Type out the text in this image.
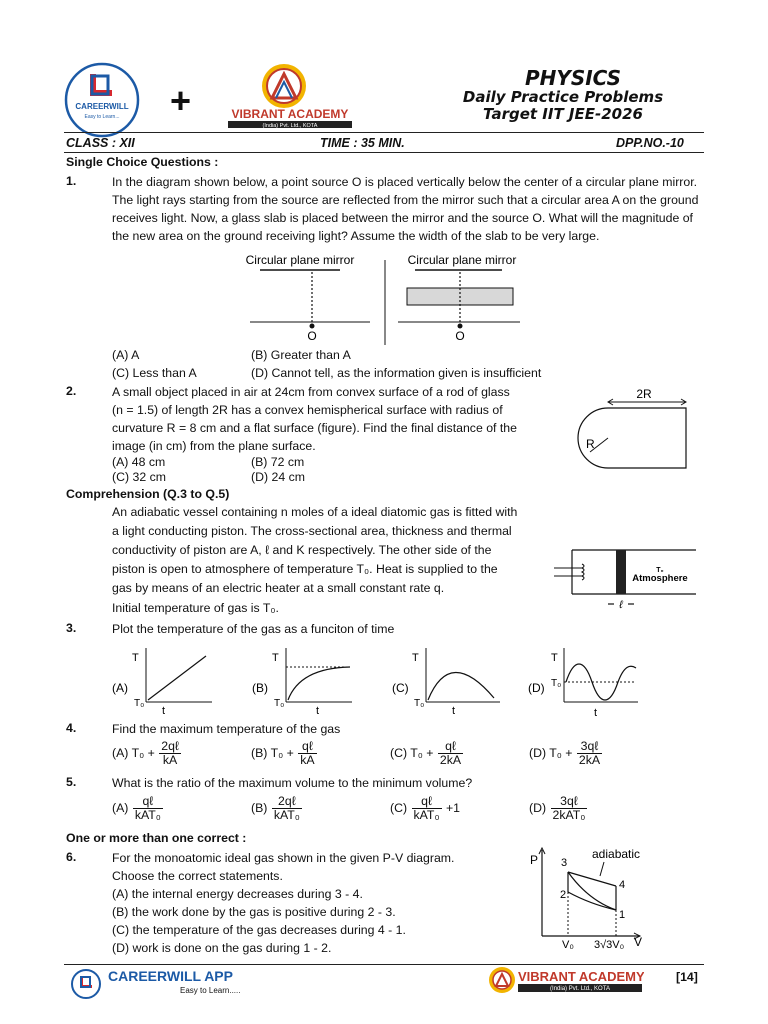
CAREERWILL
Easy to Learn... +	VIBRANT ACADEMY
(India) Pvt. Ltd., KOTA
PHYSICS
Daily Practice Problems
Target IIT JEE-2026
CLASS : XII	TIME : 35 MIN.	DPP.NO.-10
Single Choice Questions :
1.	In the diagram shown below, a point source O is placed vertically below the center of a circular plane mirror.
The light rays starting from the source are reflected from the mirror such that a circular area A on the ground
receives light. Now, a glass slab is placed between the mirror and the source O. What will the magnitude of
the new area on the ground receiving light? Assume the width of the slab to be very large.
Circular plane mirror
O
Circular plane mirror
O
(A) A	(B) Greater than A
(C) Less than A	(D) Cannot tell, as the information given is insufficient
2.	A small object placed in air at 24cm from convex surface of a rod of glass
(n = 1.5) of length 2R has a convex hemispherical surface with radius of
curvature R = 8 cm and a flat surface (figure). Find the final distance of the
image (in cm) from the plane surface.
(A) 48 cm	(B) 72 cm
(C) 32 cm	(D) 24 cm
2R
R
Comprehension (Q.3 to Q.5)
An adiabatic vessel containing n moles of a ideal diatomic gas is fitted with
a light conducting piston. The cross-sectional area, thickness and thermal
conductivity of piston are A, ℓ and K respectively. The other side of the
piston is open to atmosphere of temperature T₀. Heat is supplied to the
gas by means of an electric heater at a small constant rate q.
Initial temperature of gas is T₀.
T₀
Atmosphere
ℓ
3.	Plot the temperature of the gas as a funciton of time
(A)
T
T₀
t
(B)
T
T₀
t
(C)
T
T₀
t
(D)
T
T₀
t
4.	Find the maximum temperature of the gas
(A) $T_0 + \frac{\text{2qℓ}}{kA}$	(B) $T_0 + \frac{\text{qℓ}}{kA}$	(C) $T_0 + \frac{\text{qℓ}}{2kA}$	(D) $T_0 + \frac{\text{3qℓ}}{2kA}$
5.	What is the ratio of the maximum volume to the minimum volume?
$(A) \frac{\text{qℓ}}{\text{kAT₀}}$	$(B) \frac{\text{2qℓ}}{\text{kAT₀}}$	$(C) \frac{\text{qℓ}}{\text{kAT₀}} +1$	$(D) \frac{\text{3qℓ}}{\text{2kAT₀}}$
One or more than one correct :
6.	For the monoatomic ideal gas shown in the given P-V diagram.
Choose the correct statements.
(A) the internal energy decreases during 3 - 4.
(B) the work done by the gas is positive during 2 - 3.
(C) the temperature of the gas decreases during 4 - 1.
(D) work is done on the gas during 1 - 2.
P
V
adiabatic
3
2
4
1
V₀ 3√3V₀
CAREERWILL APP
Easy to Learn.....
VIBRANT ACADEMY
(India) Pvt. Ltd., KOTA
[14]
